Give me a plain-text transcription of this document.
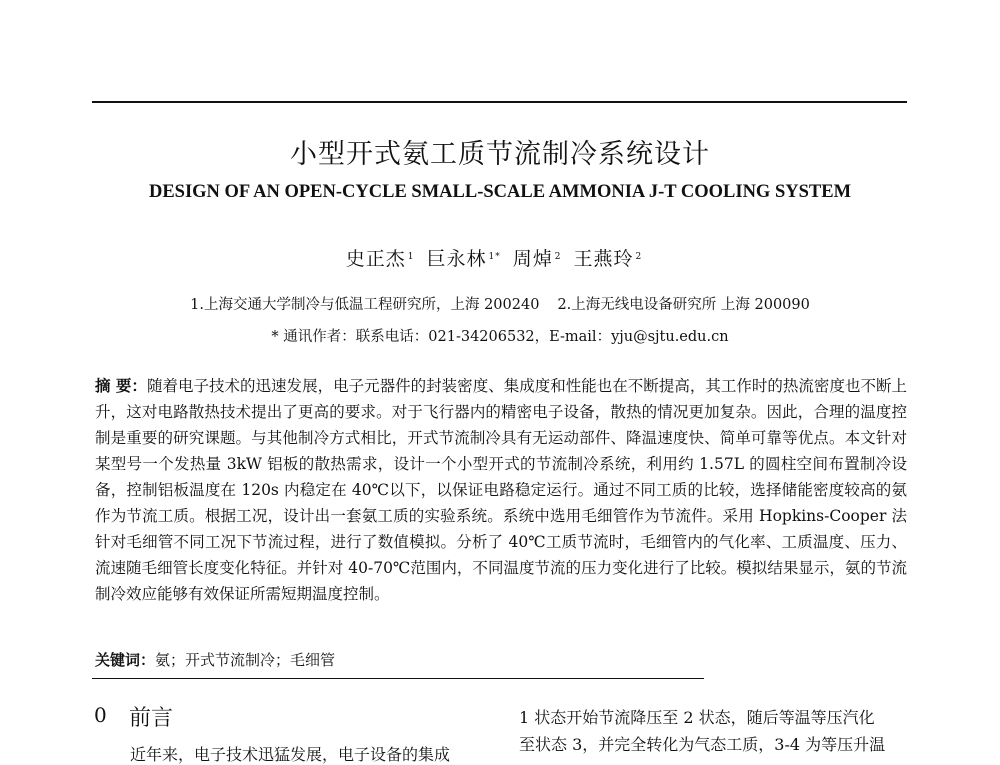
小型开式氨工质节流制冷系统设计
DESIGN OF AN OPEN-CYCLE SMALL-SCALE AMMONIA J-T COOLING SYSTEM
史正杰 $^1$ 巨永林 $^{1*}$ 周焯 $^2$ 王燕玲 $^2$
1.上海交通大学制冷与低温工程研究所，上海 200240 2.上海无线电设备研究所 上海 200090
* 通讯作者：联系电话：021-34206532，E-mail：yju@sjtu.edu.cn
摘 要：随着电子技术的迅速发展，电子元器件的封装密度、集成度和性能也在不断提高，其工作时的热流密度也不断上升，这对电路散热技术提出了更高的要求。对于飞行器内的精密电子设备，散热的情况更加复杂。因此，合理的温度控制是重要的研究课题。与其他制冷方式相比，开式节流制冷具有无运动部件、降温速度快、简单可靠等优点。本文针对某型号一个发热量 3kW 铝板的散热需求，设计一个小型开式的节流制冷系统，利用约 1.57L 的圆柱空间布置制冷设备，控制铝板温度在 120s 内稳定在 40℃以下，以保证电路稳定运行。通过不同工质的比较，选择储能密度较高的氨作为节流工质。根据工况，设计出一套氨工质的实验系统。系统中选用毛细管作为节流件。采用 Hopkins-Cooper 法针对毛细管不同工况下节流过程，进行了数值模拟。分析了 40℃工质节流时，毛细管内的气化率、工质温度、压力、流速随毛细管长度变化特征。并针对 40-70℃范围内，不同温度节流的压力变化进行了比较。模拟结果显示，氨的节流制冷效应能够有效保证所需短期温度控制。
关键词：氨；开式节流制冷；毛细管
0 前言
近年来，电子技术迅猛发展，电子设备的集成
1 状态开始节流降压至 2 状态，随后等温等压汽化
至状态 3，并完全转化为气态工质，3-4 为等压升温
